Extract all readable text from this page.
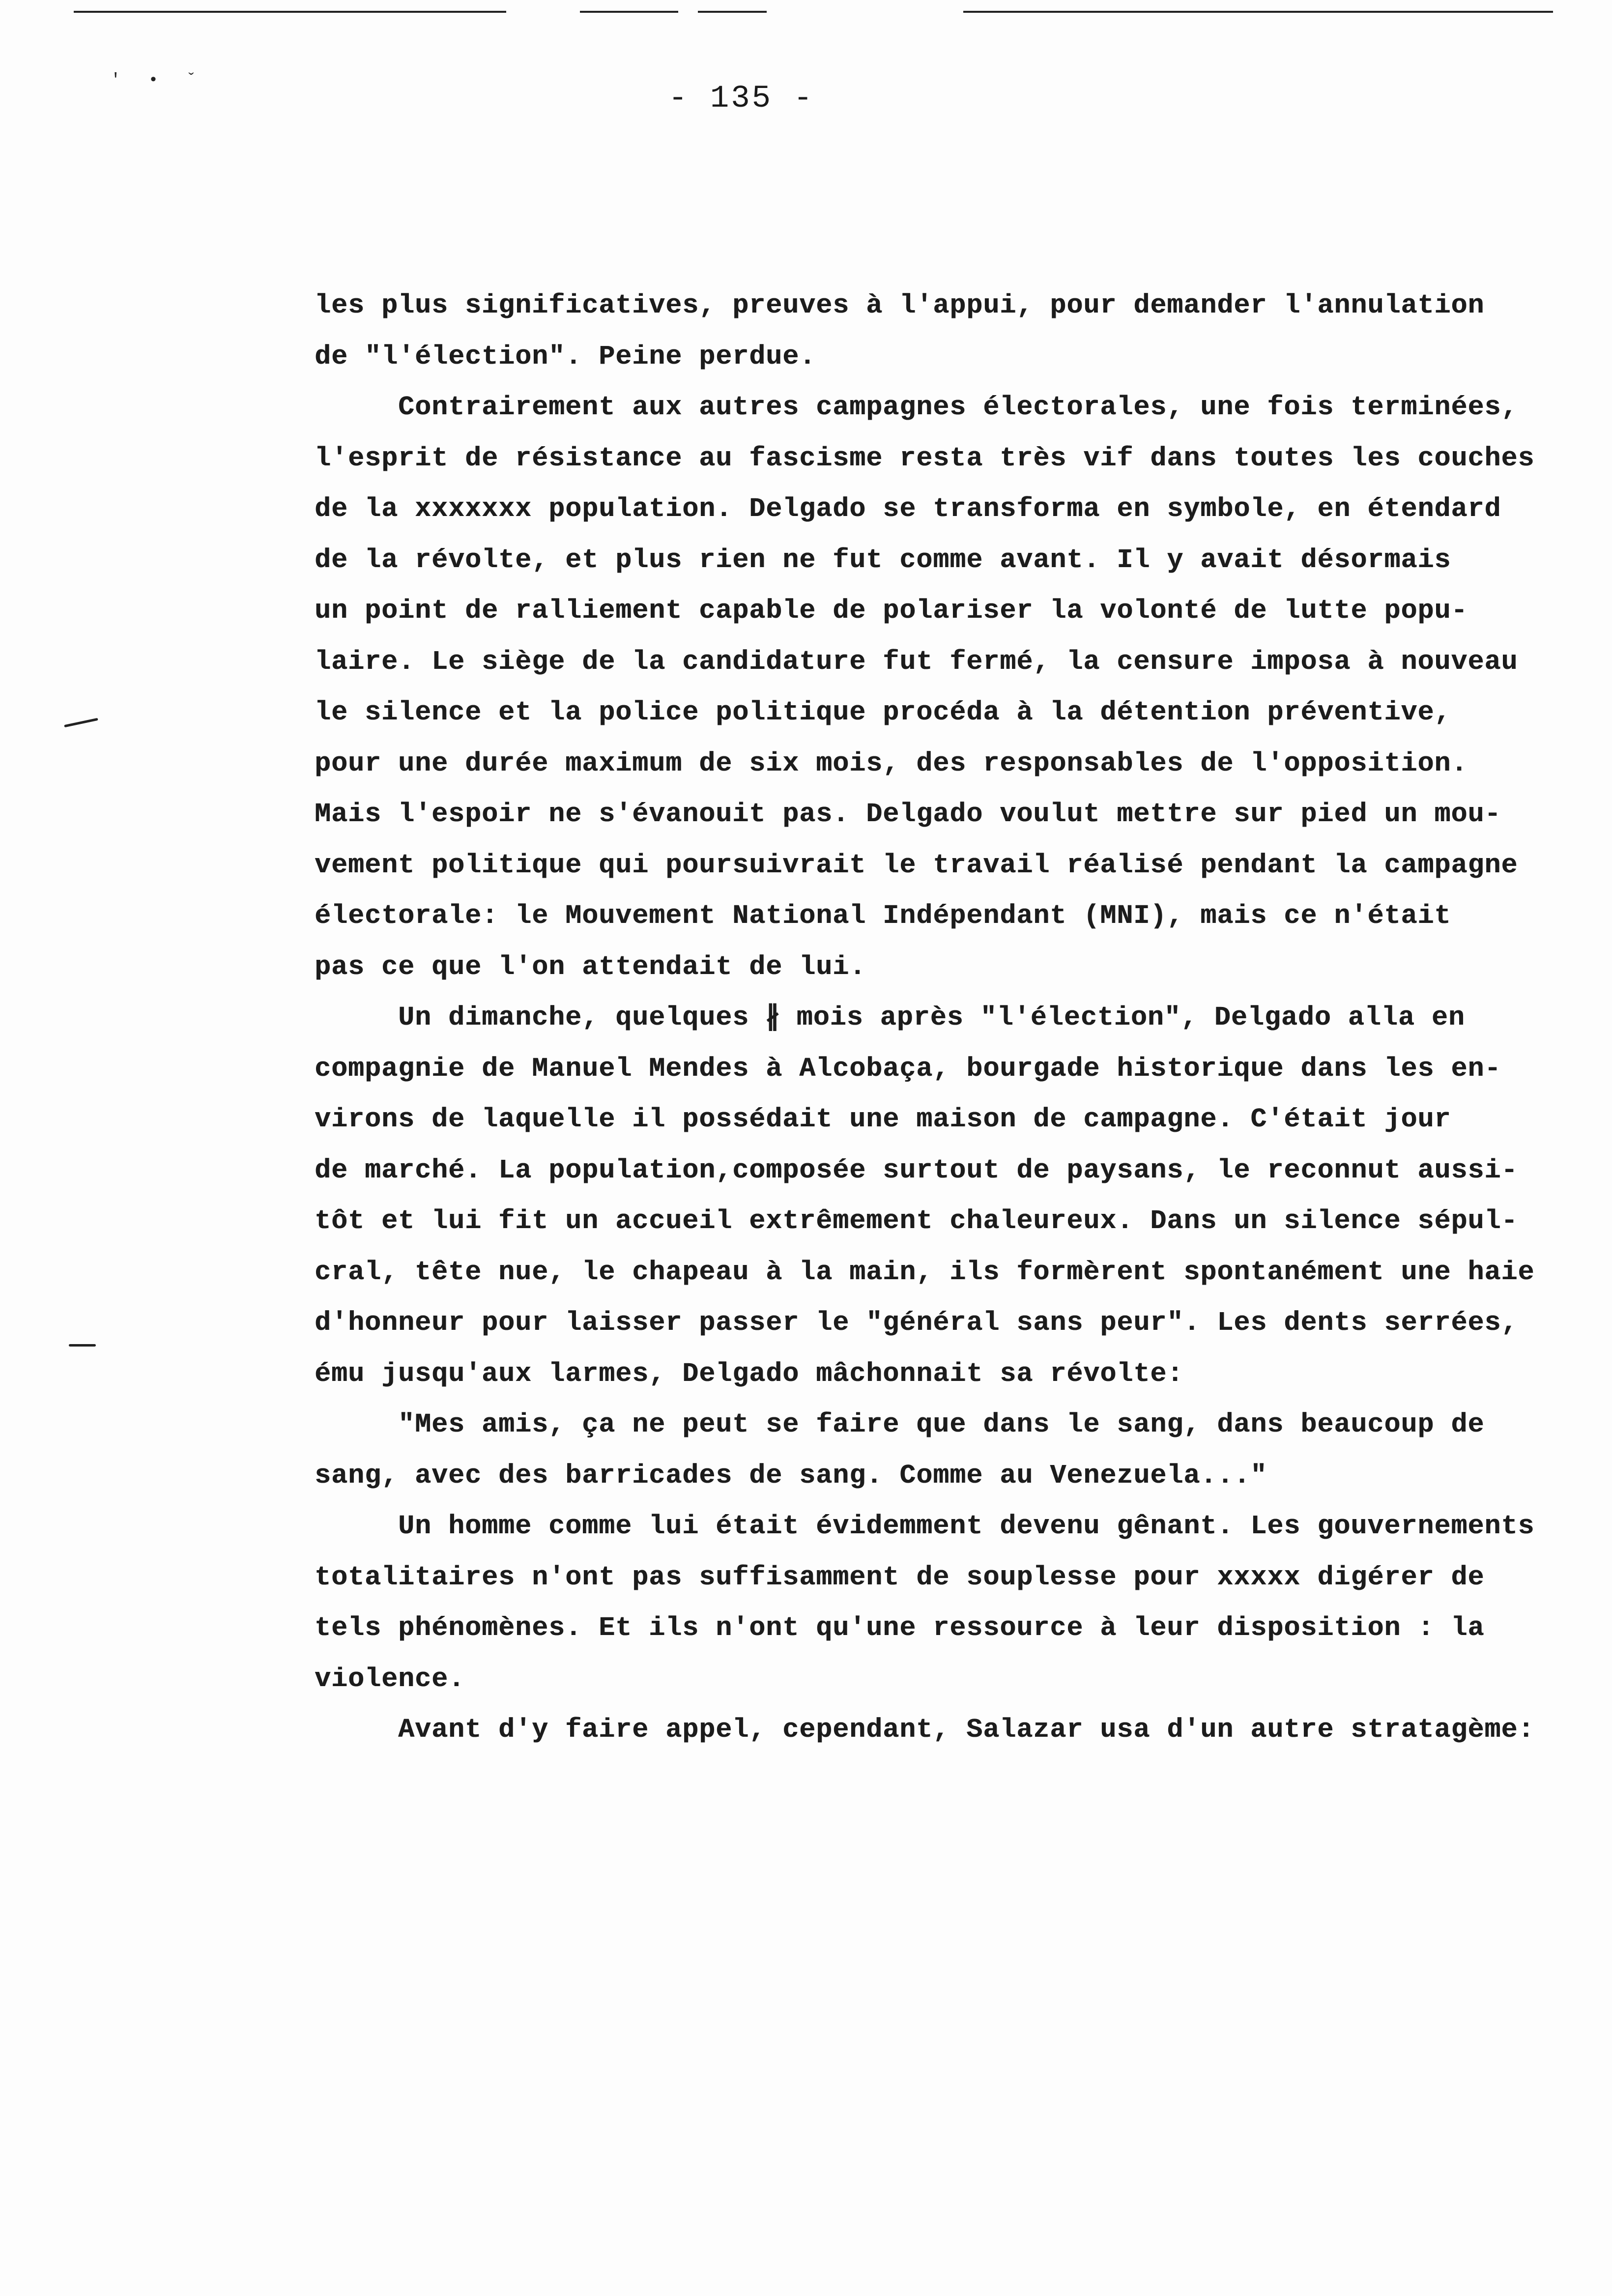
' • ˇ
- 135 -
les plus significatives, preuves à l'appui, pour demander l'annulation
de "l'élection". Peine perdue.
Contrairement aux autres campagnes électorales, une fois terminées,
l'esprit de résistance au fascisme resta très vif dans toutes les couches
de la xxxxxxx population. Delgado se transforma en symbole, en étendard
de la révolte, et plus rien ne fut comme avant. Il y avait désormais
un point de ralliement capable de polariser la volonté de lutte popu-
laire. Le siège de la candidature fut fermé, la censure imposa à nouveau
le silence et la police politique procéda à la détention préventive,
pour une durée maximum de six mois, des responsables de l'opposition.
Mais l'espoir ne s'évanouit pas. Delgado voulut mettre sur pied un mou-
vement politique qui poursuivrait le travail réalisé pendant la campagne
électorale: le Mouvement National Indépendant (MNI), mais ce n'était
pas ce que l'on attendait de lui.
Un dimanche, quelques ∦ mois après "l'élection", Delgado alla en
compagnie de Manuel Mendes à Alcobaça, bourgade historique dans les en-
virons de laquelle il possédait une maison de campagne. C'était jour
de marché. La population,composée surtout de paysans, le reconnut aussi-
tôt et lui fit un accueil extrêmement chaleureux. Dans un silence sépul-
cral, tête nue, le chapeau à la main, ils formèrent spontanément une haie
d'honneur pour laisser passer le "général sans peur". Les dents serrées,
ému jusqu'aux larmes, Delgado mâchonnait sa révolte:
"Mes amis, ça ne peut se faire que dans le sang, dans beaucoup de
sang, avec des barricades de sang. Comme au Venezuela..."
Un homme comme lui était évidemment devenu gênant. Les gouvernements
totalitaires n'ont pas suffisamment de souplesse pour xxxxx digérer de
tels phénomènes. Et ils n'ont qu'une ressource à leur disposition : la
violence.
Avant d'y faire appel, cependant, Salazar usa d'un autre stratagème:
